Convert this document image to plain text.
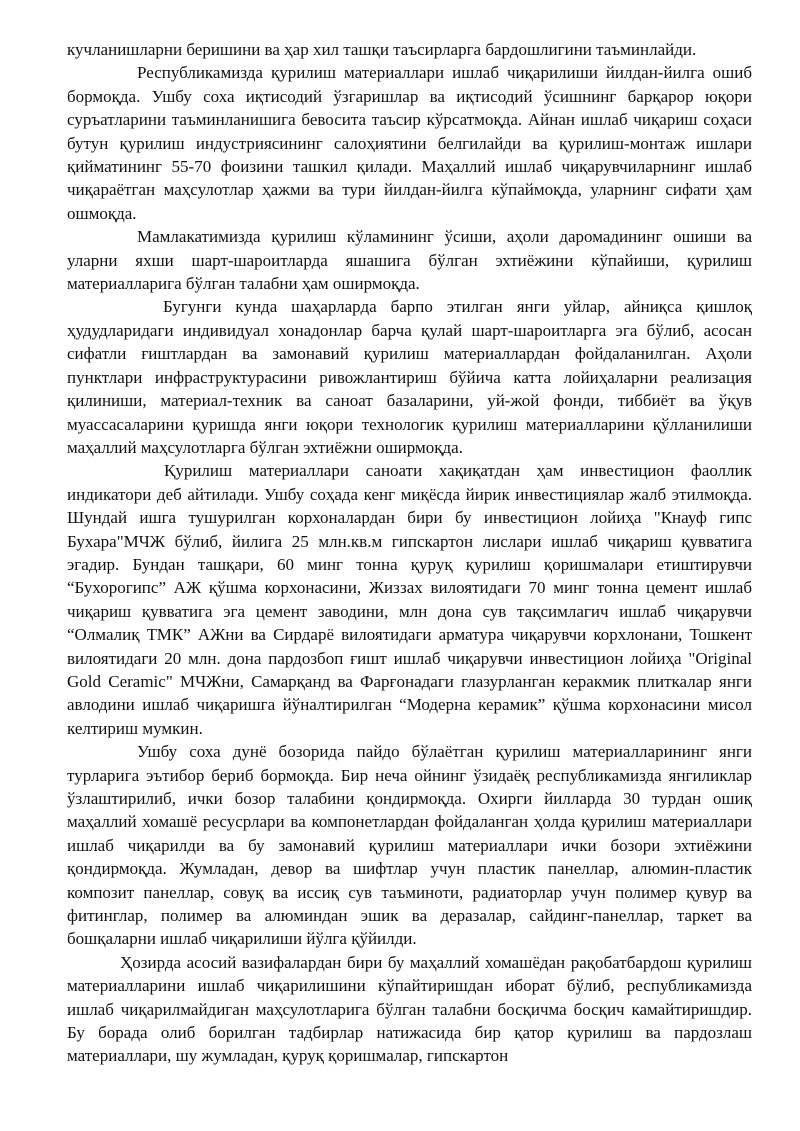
кучланишларни беришини ва ҳар хил ташқи таъсирларга бардошлигини таъминлайди.

Республикамизда қурилиш материаллари ишлаб чиқарилиши йилдан-йилга ошиб бормоқда. Ушбу соха иқтисодий ўзгаришлар ва иқтисодий ўсишнинг барқарор юқори суръатларини таъминланишига бевосита таъсир кўрсатмоқда. Айнан ишлаб чиқариш соҳаси бутун қурилиш индустриясининг салоҳиятини белгилайди ва қурилиш-монтаж ишлари қийматининг 55-70 фоизини ташкил қилади. Маҳаллий ишлаб чиқарувчиларнинг ишлаб чиқараётган маҳсулотлар ҳажми ва тури йилдан-йилга кўпаймоқда, уларнинг сифати ҳам ошмоқда.

Мамлакатимизда қурилиш кўламининг ўсиши, аҳоли даромадининг ошиши ва уларни яхши шарт-шароитларда яшашига бўлган эхтиёжини кўпайиши, қурилиш материалларига бўлган талабни ҳам оширмоқда.

Бугунги кунда шаҳарларда барпо этилган янги уйлар, айниқса қишлоқ ҳудудларидаги индивидуал хонадонлар барча қулай шарт-шароитларга эга бўлиб, асосан сифатли ғиштлардан ва замонавий қурилиш материаллардан фойдаланилган. Аҳоли пунктлари инфраструктурасини ривожлантириш бўйича катта лойиҳаларни реализация қилиниши, материал-техник ва саноат базаларини, уй-жой фонди, тиббиёт ва ўқув муассасаларини қуришда янги юқори технологик қурилиш материалларини қўлланилиши маҳаллий маҳсулотларга бўлган эхтиёжни оширмоқда.

Қурилиш материаллари саноати хақиқатдан ҳам инвестицион фаоллик индикатори деб айтилади. Ушбу соҳада кенг миқёсда йирик инвестициялар жалб этилмоқда. Шундай ишга тушурилган корхоналардан бири бу инвестицион лойиҳа "Кнауф гипс Бухара"МЧЖ бўлиб, йилига 25 млн.кв.м гипскартон лислари ишлаб чиқариш қувватига эгадир. Бундан ташқари, 60 минг тонна қуруқ қурилиш қоришмалари етиштирувчи “Бухорогипс” АЖ қўшма корхонасини, Жиззах вилоятидаги 70 минг тонна цемент ишлаб чиқариш қувватига эга цемент заводини, млн дона сув тақсимлагич ишлаб чиқарувчи “Олмалиқ ТМК” АЖни ва Сирдарё вилоятидаги арматура чиқарувчи корхлонани, Тошкент вилоятидаги 20 млн. дона пардозбоп ғишт ишлаб чиқарувчи инвестицион лойиҳа "Original Gold Ceramic" МЧЖни, Самарқанд ва Фарғонадаги глазурланган керакмик плиткалар янги авлодини ишлаб чиқаришга йўналтирилган “Модерна керамик” қўшма корхонасини мисол келтириш мумкин.

Ушбу соха дунё бозорида пайдо бўлаётган қурилиш материалларининг янги турларига эътибор бериб бормоқда. Бир неча ойнинг ўзидаёқ республикамизда янгиликлар ўзлаштирилиб, ички бозор талабини қондирмоқда. Охирги йилларда 30 турдан ошиқ маҳаллий хомашё ресусрлари ва компонетлардан фойдаланган ҳолда қурилиш материаллари ишлаб чиқарилди ва бу замонавий қурилиш материаллари ички бозори эхтиёжини қондирмоқда. Жумладан, девор ва шифтлар учун пластик панеллар, алюмин-пластик композит панеллар, совуқ ва иссиқ сув таъминоти, радиаторлар учун полимер қувур ва фитинглар, полимер ва алюминдан эшик ва деразалар, сайдинг-панеллар, таркет ва бошқаларни ишлаб чиқарилиши йўлга қўйилди.

Ҳозирда асосий вазифалардан бири бу маҳаллий хомашёдан рақобатбардош қурилиш материалларини ишлаб чиқарилишини кўпайтиришдан иборат бўлиб, республикамизда ишлаб чиқарилмайдиган маҳсулотларига бўлган талабни босқичма босқич камайтиришдир. Бу борада олиб борилган тадбирлар натижасида бир қатор қурилиш ва пардозлаш материаллари, шу жумладан, қуруқ қоришмалар, гипскартон
